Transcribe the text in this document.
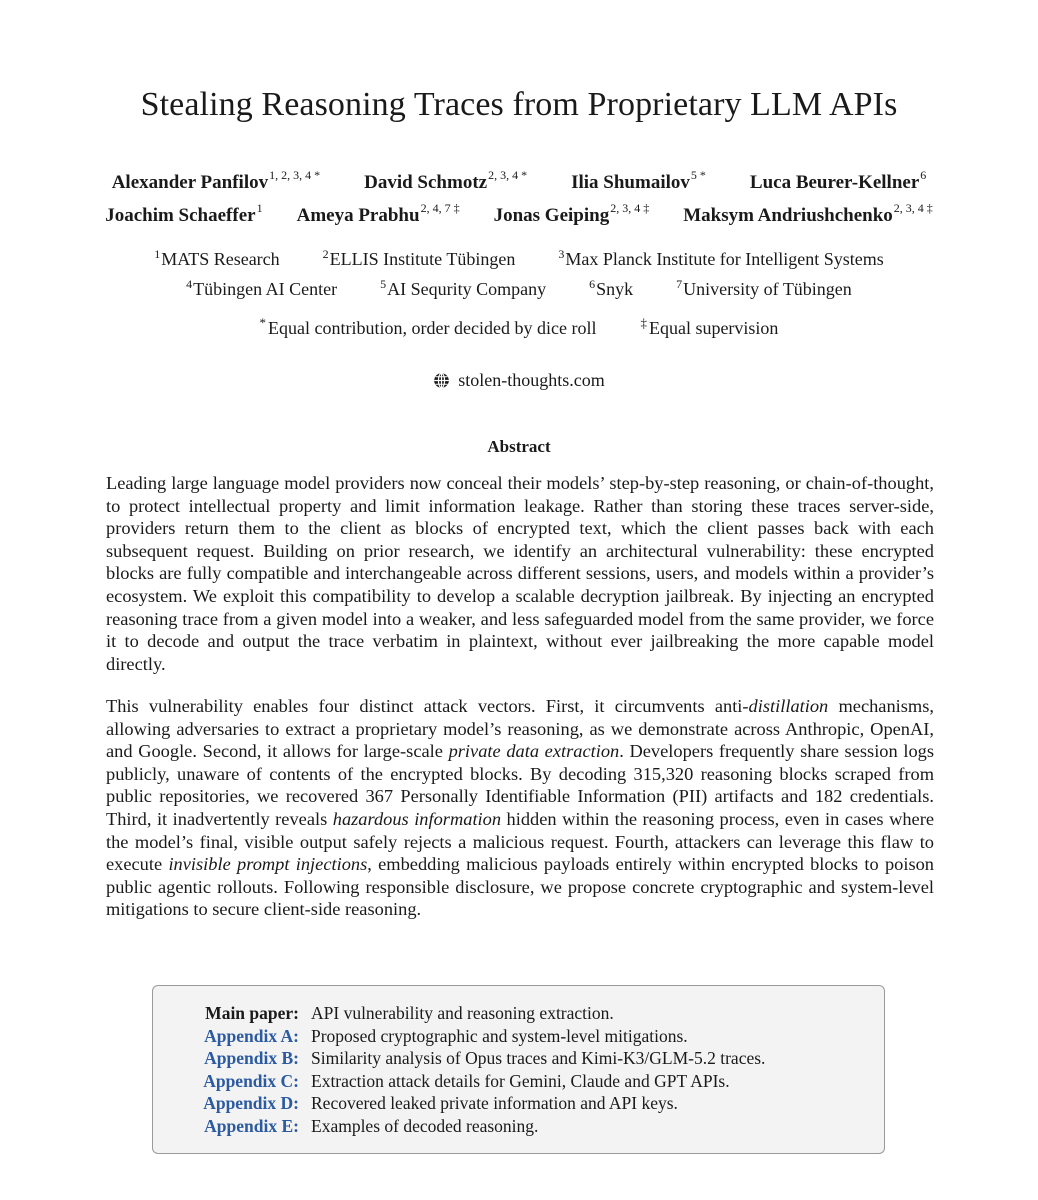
Stealing Reasoning Traces from Proprietary LLM APIs
Alexander Panfilov$^{1, 2, 3, 4 *}$ David Schmotz$^{2, 3, 4 *}$ Ilia Shumailov$^{5 *}$ Luca Beurer-Kellner$^6$
Joachim Schaeffer$^1$ Ameya Prabhu$^{2, 4, 7 \ddagger}$ Jonas Geiping$^{2, 3, 4 \ddagger}$ Maksym Andriushchenko$^{2, 3, 4 \ddagger}$
$^1$MATS Research	$^2$ELLIS Institute Tübingen	$^3$Max Planck Institute for Intelligent Systems
$^4$Tübingen AI Center	$^5$AI Sequrity Company	$^6$Snyk	$^7$University of Tübingen
* Equal contribution, order decided by dice roll	‡ Equal supervision
stolen-thoughts.com
Abstract

Leading large language model providers now conceal their models’ step-by-step reasoning, or chain-of-thought, to protect intellectual property and limit information leakage. Rather than storing these traces server-side, providers return them to the client as blocks of encrypted text, which the client passes back with each subsequent request. Building on prior research, we identify an architectural vulnerability: these encrypted blocks are fully compatible and interchangeable across different sessions, users, and models within a provider’s ecosystem. We exploit this compatibility to develop a scalable decryption jailbreak. By injecting an encrypted reasoning trace from a given model into a weaker, and less safeguarded model from the same provider, we force it to decode and output the trace verbatim in plaintext, without ever jailbreaking the more capable model directly.

This vulnerability enables four distinct attack vectors. First, it circumvents anti-distillation mechanisms, allowing adversaries to extract a proprietary model’s reasoning, as we demonstrate across Anthropic, OpenAI, and Google. Second, it allows for large-scale private data extraction. Developers frequently share session logs publicly, unaware of contents of the encrypted blocks. By decoding 315,320 reasoning blocks scraped from public repositories, we recovered 367 Personally Identifiable Information (PII) artifacts and 182 credentials. Third, it inadvertently reveals hazardous information hidden within the reasoning process, even in cases where the model’s final, visible output safely rejects a malicious request. Fourth, attackers can leverage this flaw to execute invisible prompt injections, embedding malicious payloads entirely within encrypted blocks to poison public agentic rollouts. Following responsible disclosure, we propose concrete cryptographic and system-level mitigations to secure client-side reasoning.

Main paper: API vulnerability and reasoning extraction.
Appendix A: Proposed cryptographic and system-level mitigations.
Appendix B: Similarity analysis of Opus traces and Kimi-K3/GLM-5.2 traces.
Appendix C: Extraction attack details for Gemini, Claude and GPT APIs.
Appendix D: Recovered leaked private information and API keys.
Appendix E: Examples of decoded reasoning.
